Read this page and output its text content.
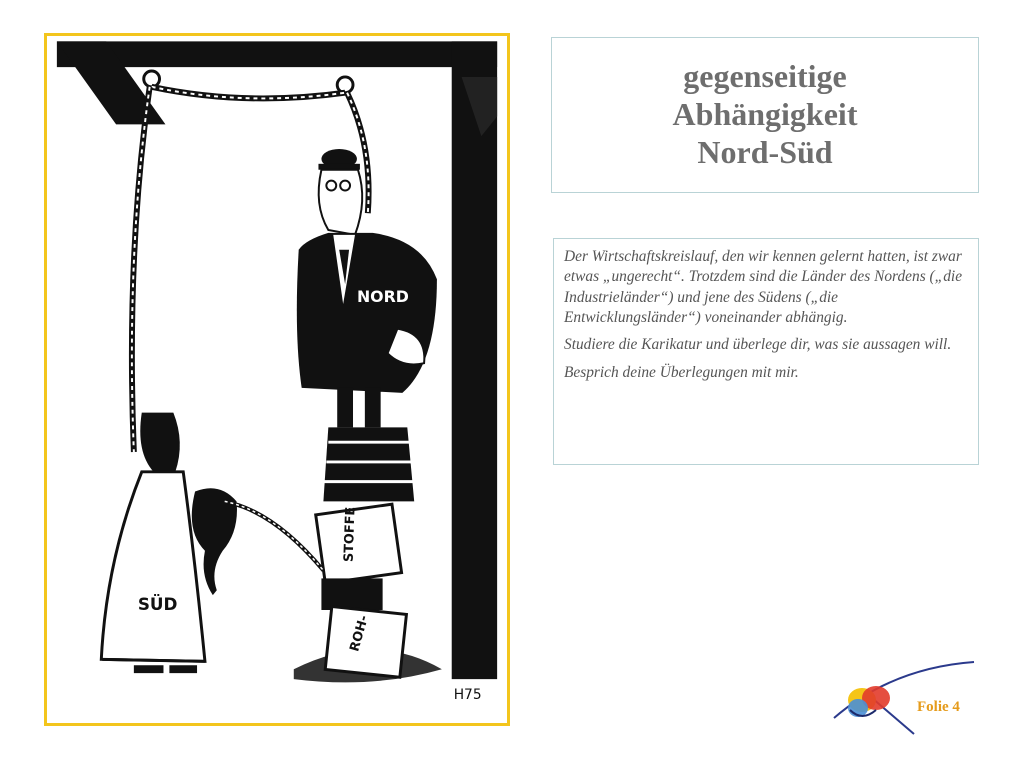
NORD
STOFFE
ROH-
SÜD
H75
gegenseitige
Abhängigkeit
Nord-Süd

Der Wirtschaftskreislauf, den wir kennen gelernt hatten, ist zwar etwas „ungerecht“. Trotzdem sind die Länder des Nordens („die Industrieländer“) und jene des Südens („die Entwicklungsländer“) voneinander abhängig.

Studiere die Karikatur und überlege dir, was sie aussagen will.

Besprich deine Überlegungen mit mir.

Folie 4
